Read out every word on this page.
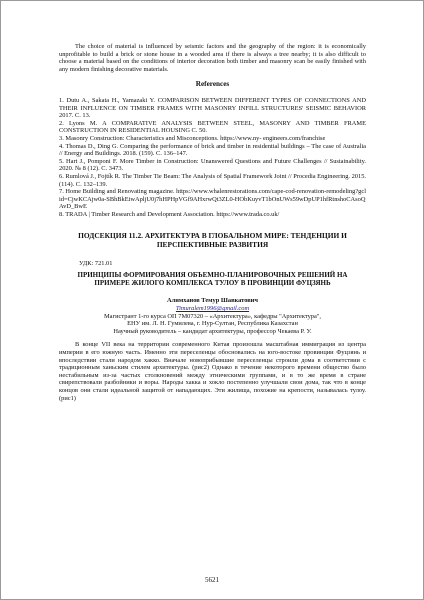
The choice of material is influenced by seismic factors and the geography of the region: it is economically unprofitable to build a brick or stone house in a wooded area if there is always a tree nearby; it is also difficult to choose a material based on the conditions of interior decoration both timber and masonry scan be easily finished with any modern finishing decorative materials.

References

1. Dutu A., Sakata H., Yamazaki Y. COMPARISON BETWEEN DIFFERENT TYPES OF CONNECTIONS AND THEIR INFLUENCE ON TIMBER FRAMES WITH MASONRY INFILL STRUCTURES' SEISMIC BEHAVIOR 2017. C. 13.

2. Lyons M. A COMPARATIVE ANALYSIS BETWEEN STEEL, MASONRY AND TIMBER FRAME CONSTRUCTION IN RESIDENTIAL HOUSING C. 50.

3. Masonry Construction: Characteristics and Misconceptions. https://www.ny- engineers.com/franchise

4. Thomas D., Ding G. Comparing the performance of brick and timber in residential buildings – The case of Australia // Energy and Buildings. 2018. (159). C. 136–147.

5. Hart J., Pomponi F. More Timber in Construction: Unanswered Questions and Future Challenges // Sustainability. 2020. № 8 (12). C. 3473.

6. Rumlová J., Fojtík R. The Timber Tie Beam: The Analysis of Spatial Framework Joint // Procedia Engineering. 2015. (114). C. 132–139.

7. Home Building and Renovating magazine. https://www.whalenrestorations.com/cape-cod-renovation-remodeling?gclid=CjwKCAjw0a-SBhBkEiwApljU0j7hHPHpVGf9AHxrwQt3ZL0-HObKuyvT1bOnUWs59wDpUP1hfRtnshoCAsoQAvD_BwE

8. TRADA | Timber Research and Development Association. https://www.trada.co.uk/

ПОДСЕКЦИЯ 11.2. АРХИТЕКТУРА В ГЛОБАЛЬНОМ МИРЕ: ТЕНДЕНЦИИ И ПЕРСПЕКТИВНЫЕ РАЗВИТИЯ

УДК: 721.01

ПРИНЦИПЫ ФОРМИРОВАНИЯ ОБЪЕМНО-ПЛАНИРОВОЧНЫХ РЕШЕНИЙ НА ПРИМЕРЕ ЖИЛОГО КОМПЛЕКСА ТУЛОУ В ПРОВИНЦИИ ФУЦЗЯНЬ

Алимханов Темур Шавкатович

Timuralem1996@gmail.com

Магистрант 1-го курса ОП 7М07320 – «Архитектура», кафедры "Архитектура",

ЕНУ им. Л. Н. Гумилева, г. Нур-Султан, Республика Казахстан

Научный руководитель – кандидат архитектуры, профессор Чекаева Р. У.

В конце VII века на территории современного Китая произошла масштабная иммиграция из центра империи в его южную часть. Именно эти переселенцы обосновались на юго-востоке провинции Фуцзянь и впоследствии стали народом хакко. Вначале новоприбывшие переселенцы строили дома в соответствии с традиционным ханьским стилем архитектуры. (рис2) Однако в течение некоторого времени общество было нестабильным из-за частых столкновений между этническими группами, и в то же время в стране свирепствовали разбойники и воры. Народы хакка и хокло постепенно улучшали свои дома, так что в конце концов они стали идеальной защитой от нападающих. Эти жилища, похожие на крепости, называлась тулоу.(рис1)

5621
